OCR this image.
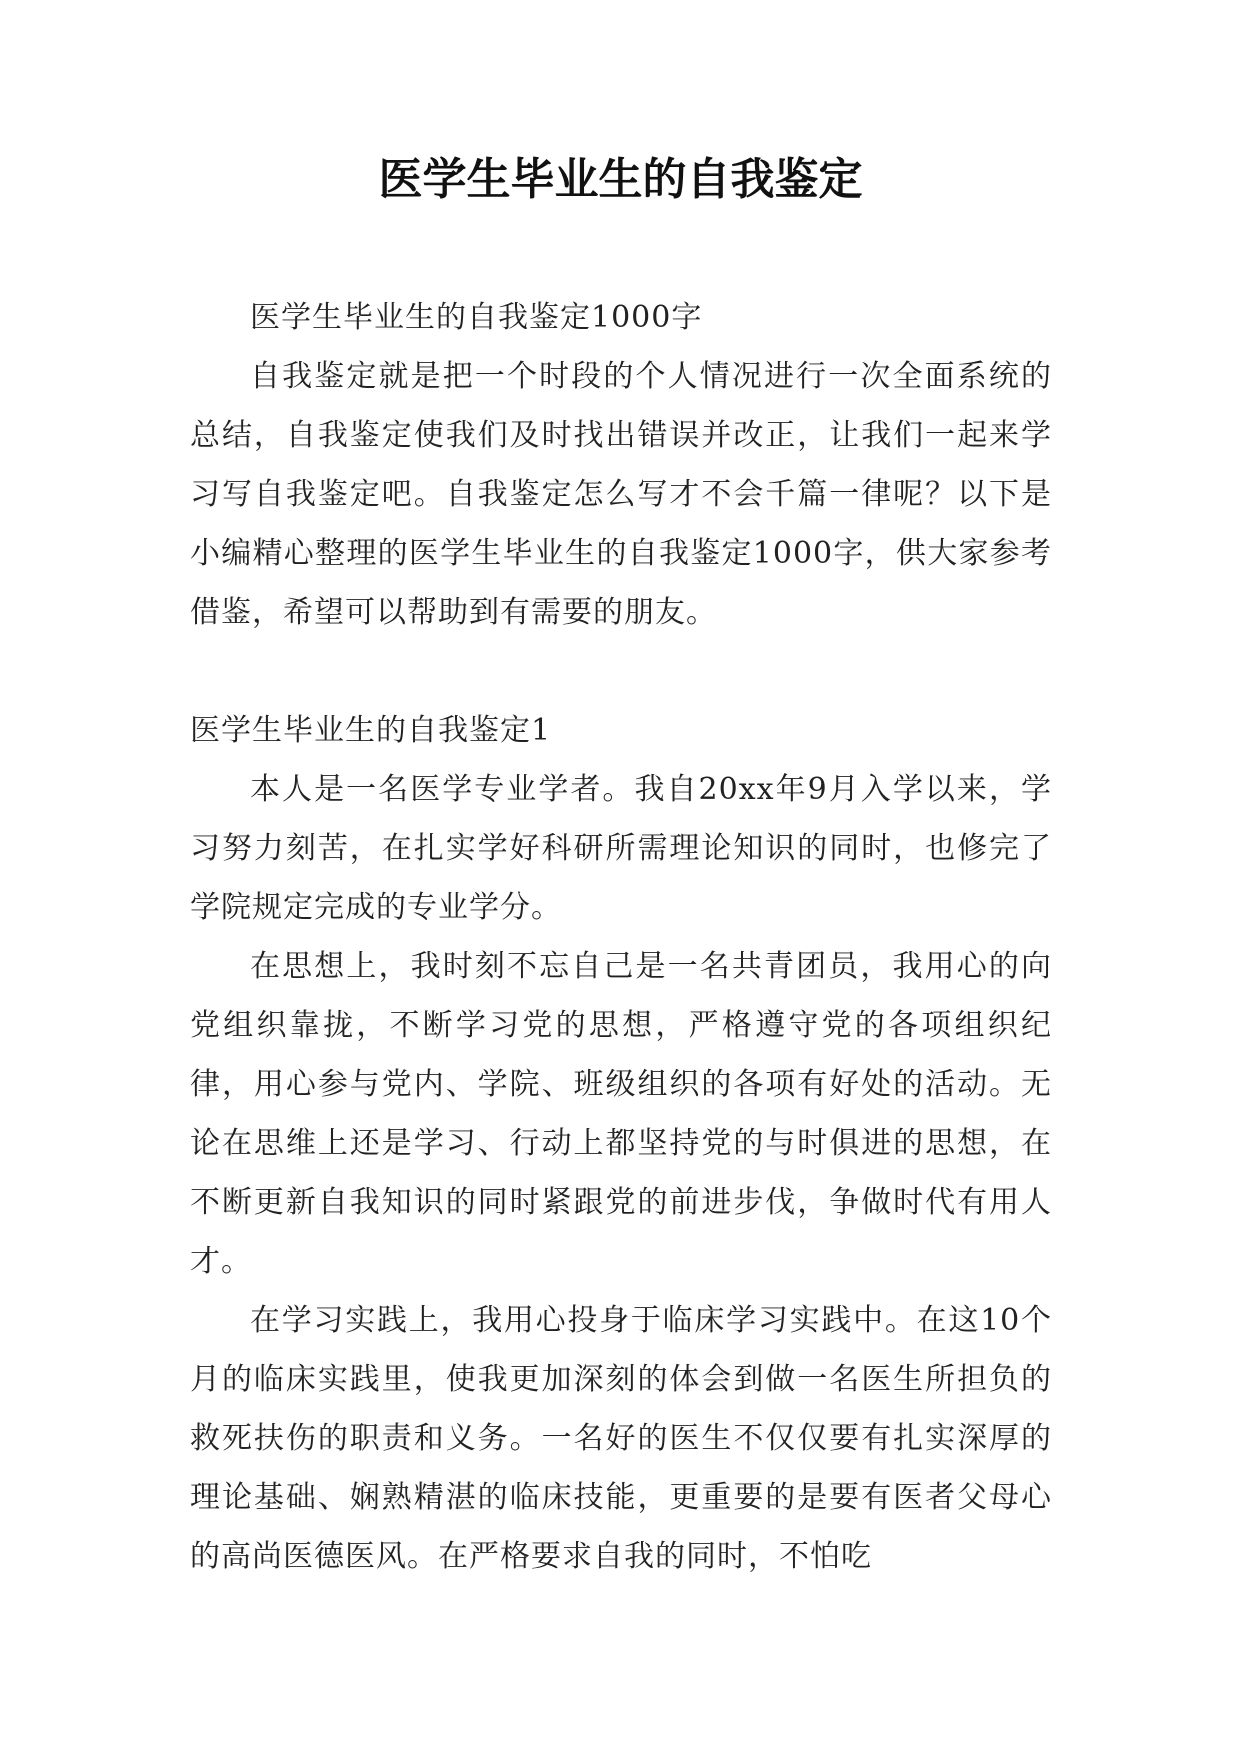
医学生毕业生的自我鉴定

医学生毕业生的自我鉴定1000字

自我鉴定就是把一个时段的个人情况进行一次全面系统的总结，自我鉴定使我们及时找出错误并改正，让我们一起来学习写自我鉴定吧。自我鉴定怎么写才不会千篇一律呢？以下是小编精心整理的医学生毕业生的自我鉴定1000字，供大家参考借鉴，希望可以帮助到有需要的朋友。

医学生毕业生的自我鉴定1

本人是一名医学专业学者。我自20xx年9月入学以来，学习努力刻苦，在扎实学好科研所需理论知识的同时，也修完了学院规定完成的专业学分。

在思想上，我时刻不忘自己是一名共青团员，我用心的向党组织靠拢，不断学习党的思想，严格遵守党的各项组织纪律，用心参与党内、学院、班级组织的各项有好处的活动。无论在思维上还是学习、行动上都坚持党的与时俱进的思想，在不断更新自我知识的同时紧跟党的前进步伐，争做时代有用人才。

在学习实践上，我用心投身于临床学习实践中。在这10个月的临床实践里，使我更加深刻的体会到做一名医生所担负的救死扶伤的职责和义务。一名好的医生不仅仅要有扎实深厚的理论基础、娴熟精湛的临床技能，更重要的是要有医者父母心的高尚医德医风。在严格要求自我的同时，不怕吃
